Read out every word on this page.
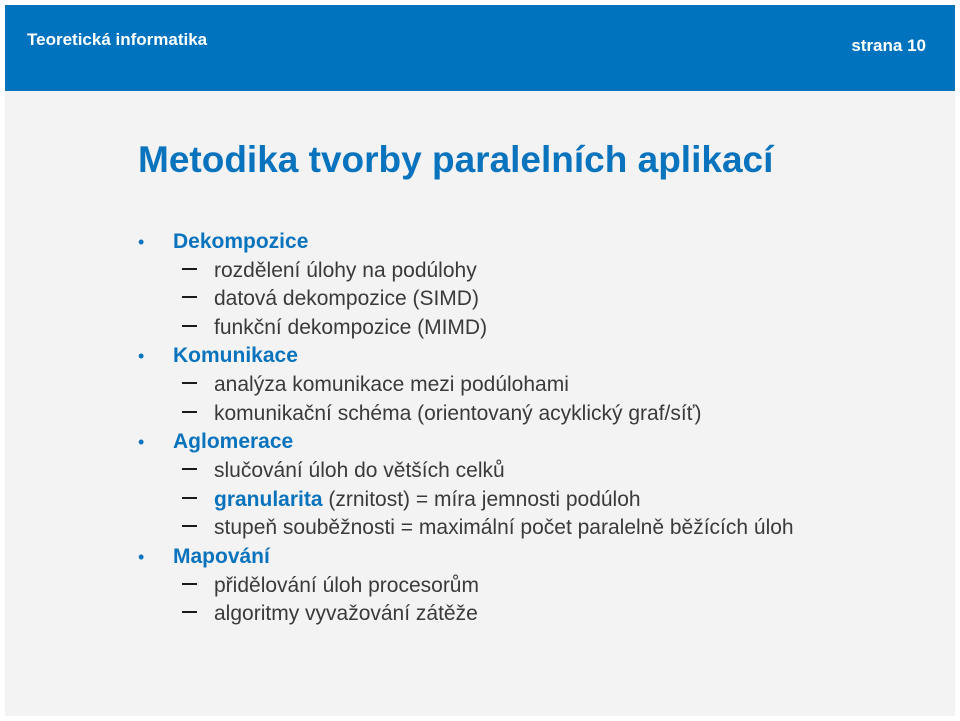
Teoretická informatika	strana 10
Metodika tvorby paralelních aplikací
• Dekompozice
rozdělení úlohy na podúlohy
datová dekompozice (SIMD)
funkční dekompozice (MIMD)
• Komunikace
analýza komunikace mezi podúlohami
komunikační schéma (orientovaný acyklický graf/síť)
• Aglomerace
slučování úloh do větších celků
granularita (zrnitost) = míra jemnosti podúloh
stupeň souběžnosti = maximální počet paralelně běžících úloh
• Mapování
přidělování úloh procesorům
algoritmy vyvažování zátěže
